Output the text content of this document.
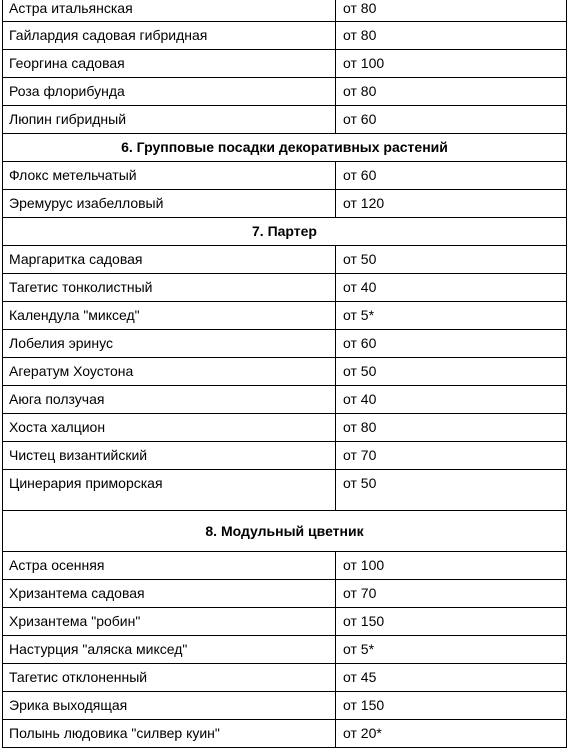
Астра итальянская	от 80
Гайлардия садовая гибридная	от 80
Георгина садовая	от 100
Роза флорибунда	от 80
Люпин гибридный	от 60
6. Групповые посадки декоративных растений
Флокс метельчатый	от 60
Эремурус изабелловый	от 120
7. Партер
Маргаритка садовая	от 50
Тагетис тонколистный	от 40
Календула "миксед"	от 5*
Лобелия эринус	от 60
Агератум Хоустона	от 50
Аюга ползучая	от 40
Хоста халцион	от 80
Чистец византийский	от 70
Цинерария приморская	от 50
8. Модульный цветник
Астра осенняя	от 100
Хризантема садовая	от 70
Хризантема "робин"	от 150
Настурция "аляска миксед"	от 5*
Тагетис отклоненный	от 45
Эрика выходящая	от 150
Полынь людовика "силвер куин"	от 20*
